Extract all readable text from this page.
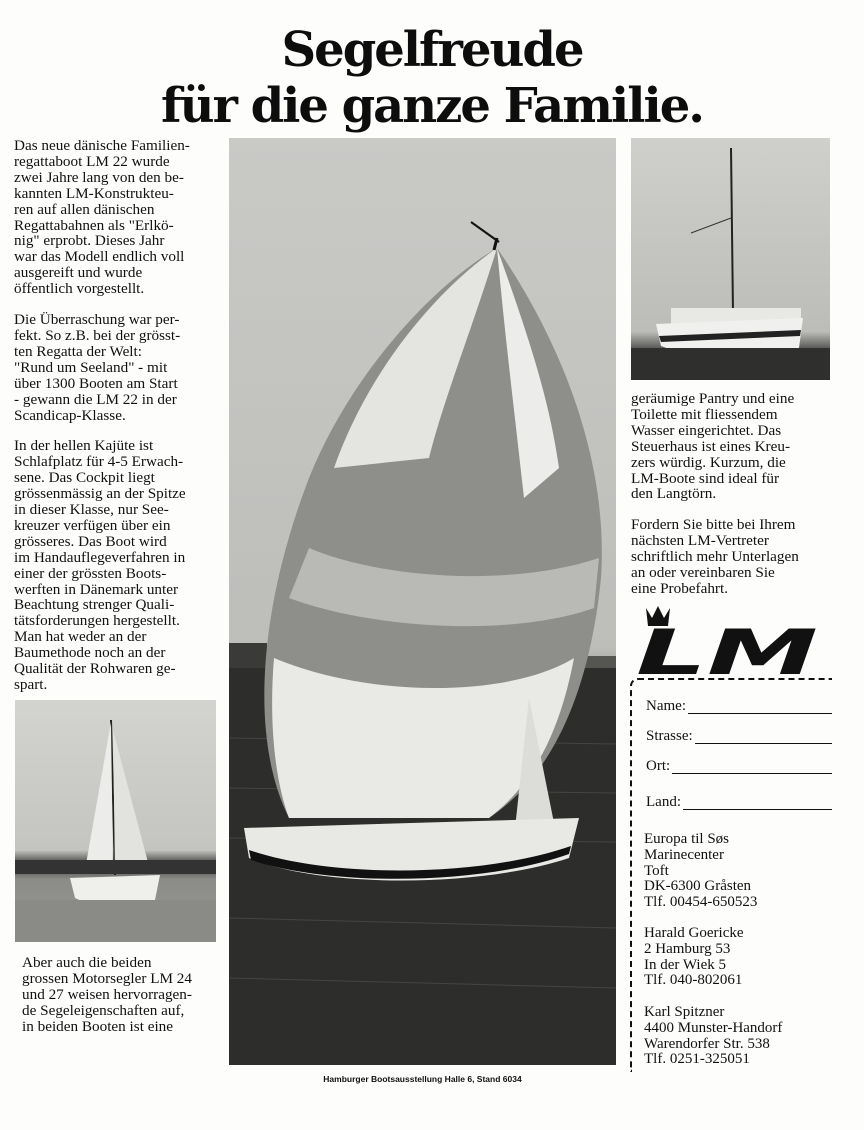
Segelfreude
für die ganze Familie.

Das neue dänische Familien-
regattaboot LM 22 wurde
zwei Jahre lang von den be-
kannten LM-Konstrukteu-
ren auf allen dänischen
Regattabahnen als "Erlkö-
nig" erprobt. Dieses Jahr
war das Modell endlich voll
ausgereift und wurde
öffentlich vorgestellt.

Die Überraschung war per-
fekt. So z.B. bei der grösst-
ten Regatta der Welt:
"Rund um Seeland" - mit
über 1300 Booten am Start
- gewann die LM 22 in der
Scandicap-Klasse.

In der hellen Kajüte ist
Schlafplatz für 4-5 Erwach-
sene. Das Cockpit liegt
grössenmässig an der Spitze
in dieser Klasse, nur See-
kreuzer verfügen über ein
grösseres. Das Boot wird
im Handauflegeverfahren in
einer der grössten Boots-
werften in Dänemark unter
Beachtung strenger Quali-
tätsforderungen hergestellt.
Man hat weder an der
Baumethode noch an der
Qualität der Rohwaren ge-
spart.

geräumige Pantry und eine
Toilette mit fliessendem
Wasser eingerichtet. Das
Steuerhaus ist eines Kreu-
zers würdig. Kurzum, die
LM-Boote sind ideal für
den Langtörn.

Fordern Sie bitte bei Ihrem
nächsten LM-Vertreter
schriftlich mehr Unterlagen
an oder vereinbaren Sie
eine Probefahrt.

Aber auch die beiden
grossen Motorsegler LM 24
und 27 weisen hervorragen-
de Segeleigenschaften auf,
in beiden Booten ist eine

LM
Name:
Strasse:
Ort:
Land:
Europa til Søs
Marinecenter
Toft
DK-6300 Gråsten
Tlf. 00454-650523
Harald Goericke
2 Hamburg 53
In der Wiek 5
Tlf. 040-802061
Karl Spitzner
4400 Munster-Handorf
Warendorfer Str. 538
Tlf. 0251-325051
Hamburger Bootsausstellung Halle 6, Stand 6034
